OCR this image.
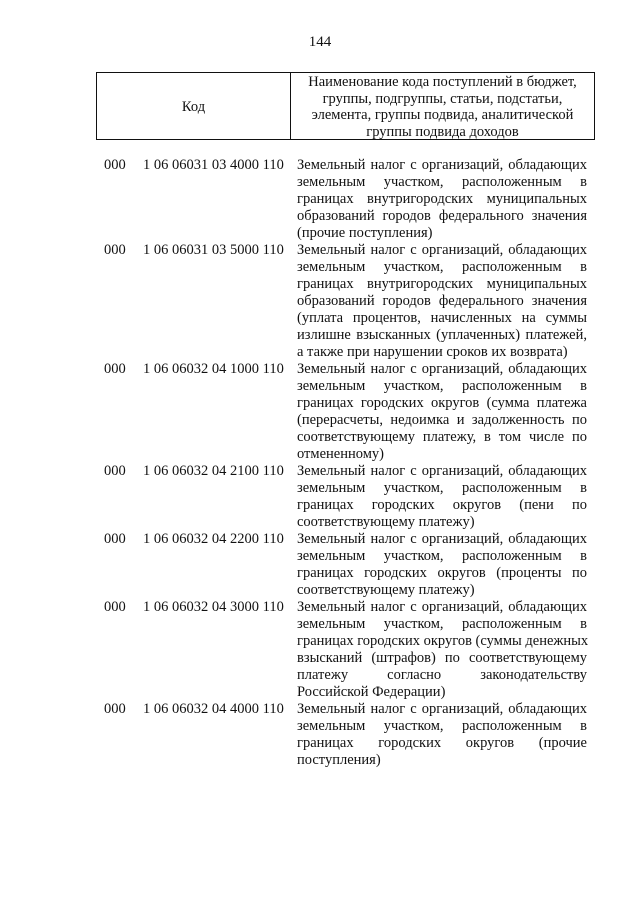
144
Код
Наименование кода поступлений в бюджет,
группы, подгруппы, статьи, подстатьи,
элемента, группы подвида, аналитической
группы подвида доходов
000 1 06 06031 03 4000 110 Земельный налог с организаций, обладающих
земельным участком, расположенным в
границах внутригородских муниципальных
образований городов федерального значения
(прочие поступления)
000 1 06 06031 03 5000 110 Земельный налог с организаций, обладающих
земельным участком, расположенным в
границах внутригородских муниципальных
образований городов федерального значения
(уплата процентов, начисленных на суммы
излишне взысканных (уплаченных) платежей,
а также при нарушении сроков их возврата)
000 1 06 06032 04 1000 110 Земельный налог с организаций, обладающих
земельным участком, расположенным в
границах городских округов (сумма платежа
(перерасчеты, недоимка и задолженность по
соответствующему платежу, в том числе по
отмененному)
000 1 06 06032 04 2100 110 Земельный налог с организаций, обладающих
земельным участком, расположенным в
границах городских округов (пени по
соответствующему платежу)
000 1 06 06032 04 2200 110 Земельный налог с организаций, обладающих
земельным участком, расположенным в
границах городских округов (проценты по
соответствующему платежу)
000 1 06 06032 04 3000 110 Земельный налог с организаций, обладающих
земельным участком, расположенным в
границах городских округов (суммы денежных
взысканий (штрафов) по соответствующему
платежу согласно законодательству
Российской Федерации)
000 1 06 06032 04 4000 110 Земельный налог с организаций, обладающих
земельным участком, расположенным в
границах городских округов (прочие
поступления)
